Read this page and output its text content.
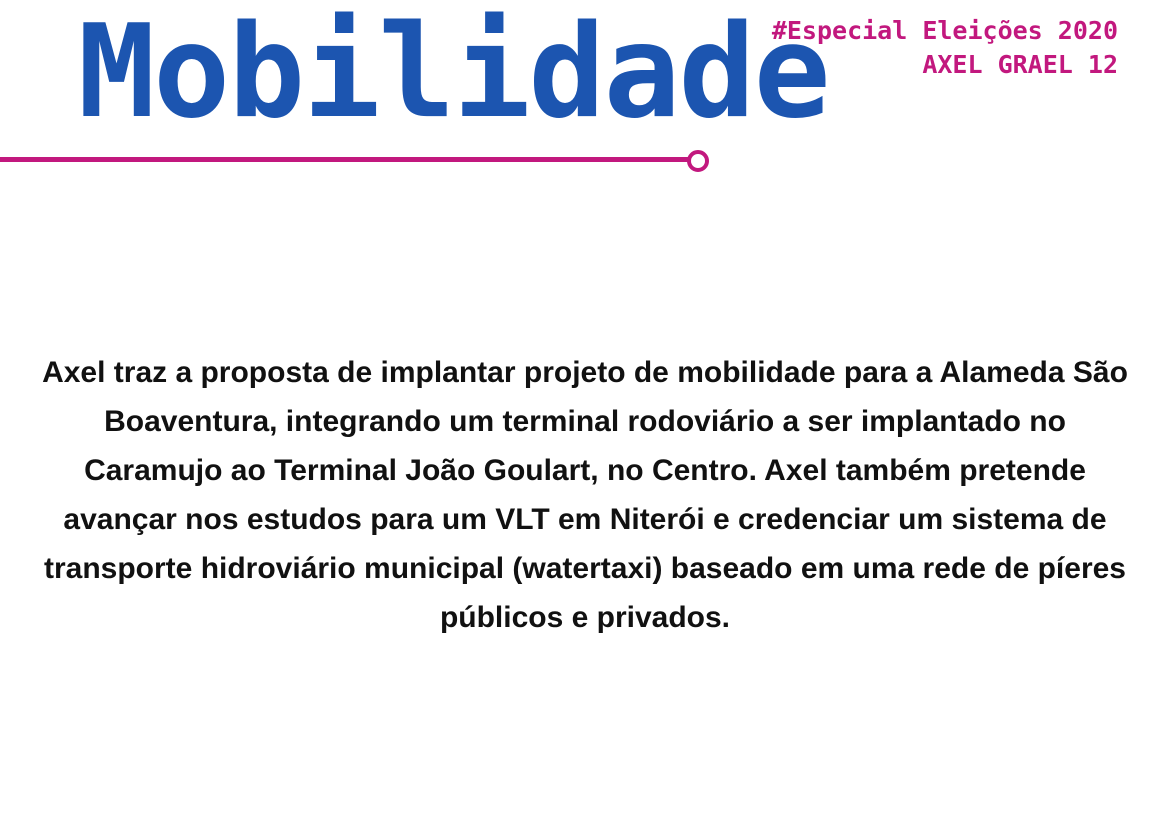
Mobilidade
#Especial Eleições 2020
AXEL GRAEL 12
Axel traz a proposta de implantar projeto de mobilidade para a Alameda São Boaventura, integrando um terminal rodoviário a ser implantado no Caramujo ao Terminal João Goulart, no Centro. Axel também pretende avançar nos estudos para um VLT em Niterói e credenciar um sistema de transporte hidroviário municipal (watertaxi) baseado em uma rede de píeres públicos e privados.
